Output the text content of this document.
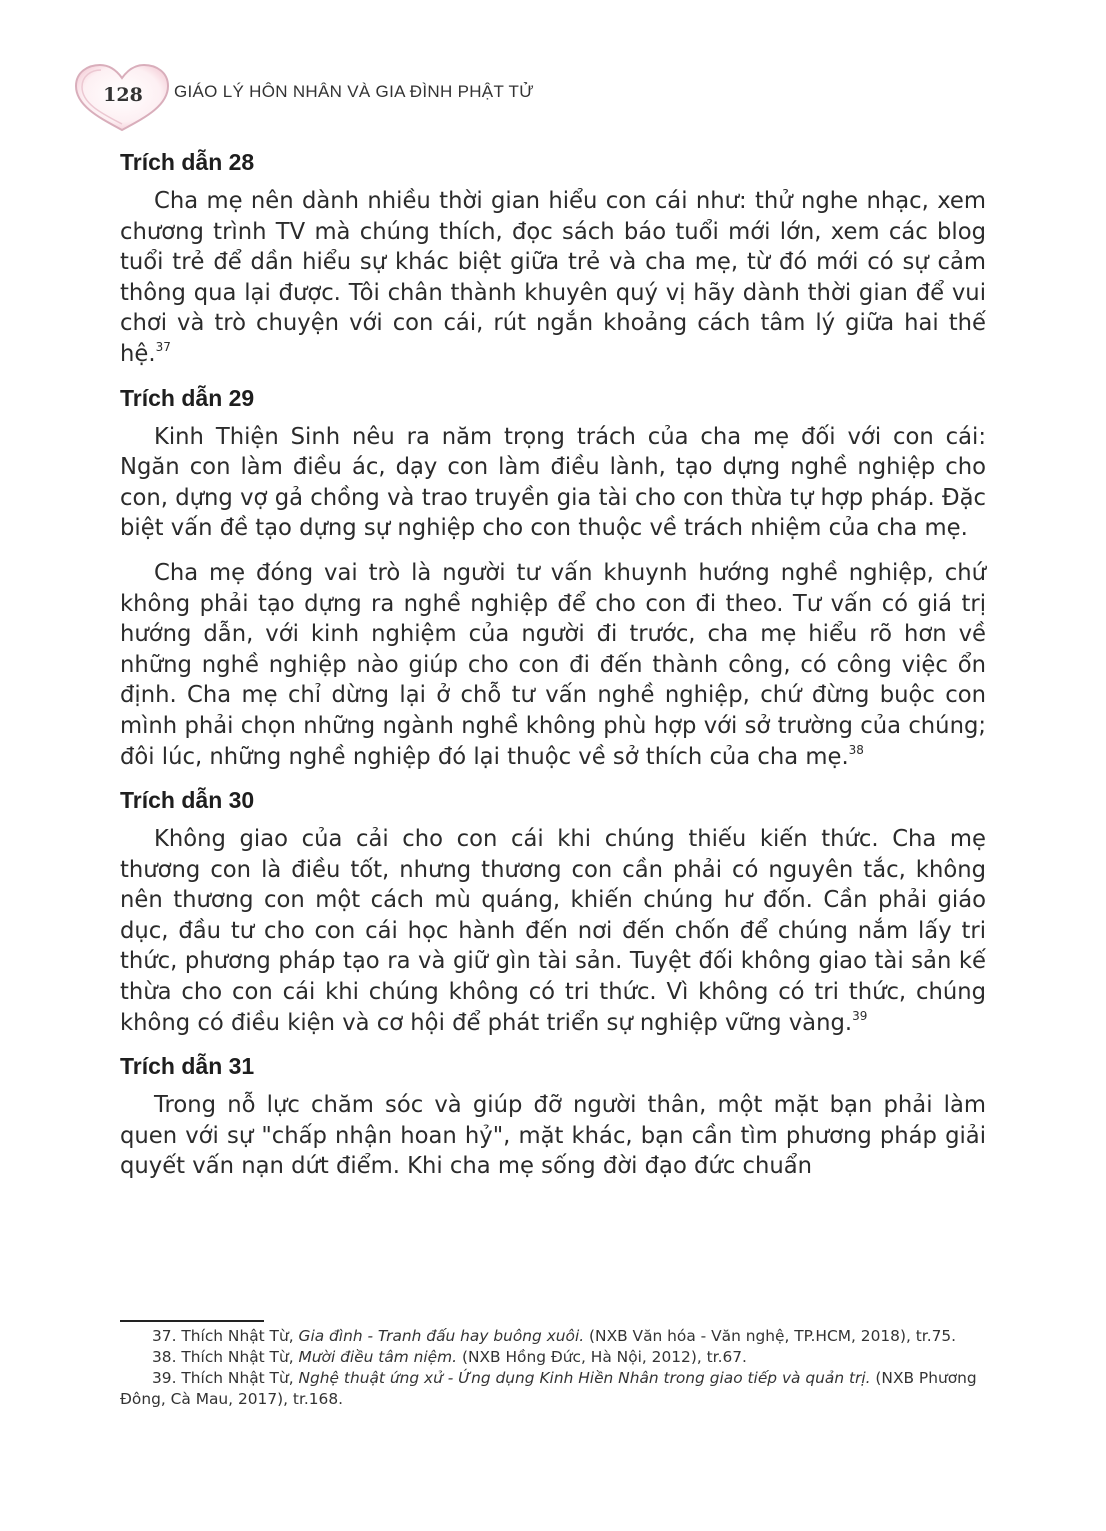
128	GIÁO LÝ HÔN NHÂN VÀ GIA ĐÌNH PHẬT TỬ

Trích dẫn 28

Cha mẹ nên dành nhiều thời gian hiểu con cái như: thử nghe nhạc, xem chương trình TV mà chúng thích, đọc sách báo tuổi mới lớn, xem các blog tuổi trẻ để dần hiểu sự khác biệt giữa trẻ và cha mẹ, từ đó mới có sự cảm thông qua lại được. Tôi chân thành khuyên quý vị hãy dành thời gian để vui chơi và trò chuyện với con cái, rút ngắn khoảng cách tâm lý giữa hai thế hệ.$^{37}$

Trích dẫn 29

Kinh Thiện Sinh nêu ra năm trọng trách của cha mẹ đối với con cái: Ngăn con làm điều ác, dạy con làm điều lành, tạo dựng nghề nghiệp cho con, dựng vợ gả chồng và trao truyền gia tài cho con thừa tự hợp pháp. Đặc biệt vấn đề tạo dựng sự nghiệp cho con thuộc về trách nhiệm của cha mẹ.

Cha mẹ đóng vai trò là người tư vấn khuynh hướng nghề nghiệp, chứ không phải tạo dựng ra nghề nghiệp để cho con đi theo. Tư vấn có giá trị hướng dẫn, với kinh nghiệm của người đi trước, cha mẹ hiểu rõ hơn về những nghề nghiệp nào giúp cho con đi đến thành công, có công việc ổn định. Cha mẹ chỉ dừng lại ở chỗ tư vấn nghề nghiệp, chứ đừng buộc con mình phải chọn những ngành nghề không phù hợp với sở trường của chúng; đôi lúc, những nghề nghiệp đó lại thuộc về sở thích của cha mẹ.$^{38}$

Trích dẫn 30

Không giao của cải cho con cái khi chúng thiếu kiến thức. Cha mẹ thương con là điều tốt, nhưng thương con cần phải có nguyên tắc, không nên thương con một cách mù quáng, khiến chúng hư đốn. Cần phải giáo dục, đầu tư cho con cái học hành đến nơi đến chốn để chúng nắm lấy tri thức, phương pháp tạo ra và giữ gìn tài sản. Tuyệt đối không giao tài sản kế thừa cho con cái khi chúng không có tri thức. Vì không có tri thức, chúng không có điều kiện và cơ hội để phát triển sự nghiệp vững vàng.$^{39}$

Trích dẫn 31

Trong nỗ lực chăm sóc và giúp đỡ người thân, một mặt bạn phải làm quen với sự "chấp nhận hoan hỷ", mặt khác, bạn cần tìm phương pháp giải quyết vấn nạn dứt điểm. Khi cha mẹ sống đời đạo đức chuẩn

37. Thích Nhật Từ, Gia đình - Tranh đấu hay buông xuôi. (NXB Văn hóa - Văn nghệ, TP.HCM, 2018), tr.75.

38. Thích Nhật Từ, Mười điều tâm niệm. (NXB Hồng Đức, Hà Nội, 2012), tr.67.

39. Thích Nhật Từ, Nghệ thuật ứng xử - Ứng dụng Kinh Hiền Nhân trong giao tiếp và quản trị. (NXB Phương Đông, Cà Mau, 2017), tr.168.
